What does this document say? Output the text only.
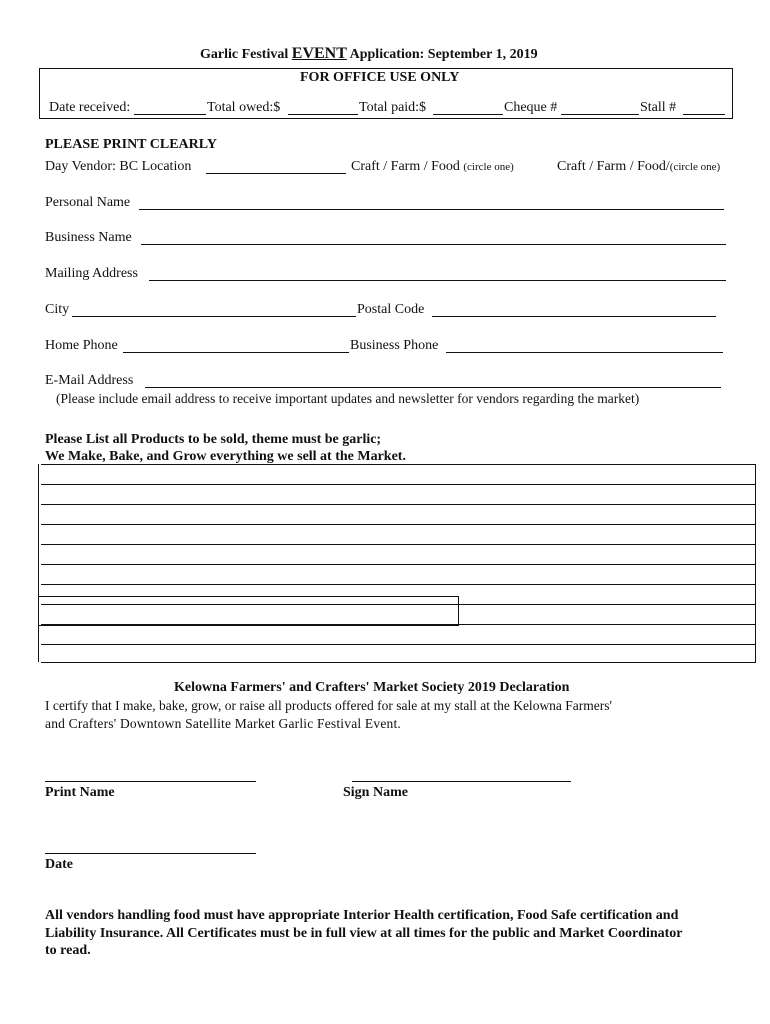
Garlic Festival EVENT Application: September 1, 2019
FOR OFFICE USE ONLY
Date received:	Total owed:$	Total paid:$	Cheque #	Stall #
PLEASE PRINT CLEARLY
Day Vendor: BC Location	Craft / Farm / Food (circle one)	Craft / Farm / Food/(circle one)
Personal Name
Business Name
Mailing Address
City	Postal Code
Home Phone	Business Phone
E-Mail Address
(Please include email address to receive important updates and newsletter for vendors regarding the market)
Please List all Products to be sold, theme must be garlic;
We Make, Bake, and Grow everything we sell at the Market.
Kelowna Farmers' and Crafters' Market Society 2019 Declaration
I certify that I make, bake, grow, or raise all products offered for sale at my stall at the Kelowna Farmers'
and Crafters' Downtown Satellite Market Garlic Festival Event.
Print Name	Sign Name
Date
All vendors handling food must have appropriate Interior Health certification, Food Safe certification and
Liability Insurance. All Certificates must be in full view at all times for the public and Market Coordinator
to read.
